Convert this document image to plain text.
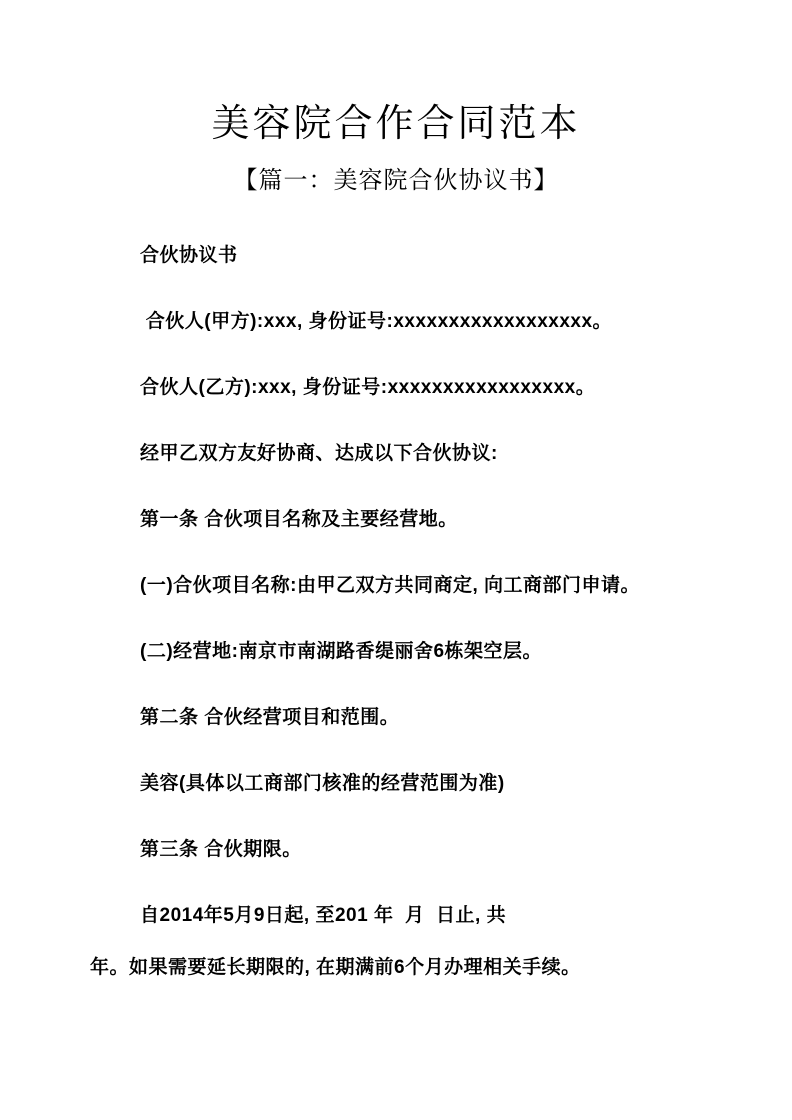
美容院合作合同范本
【篇一：美容院合伙协议书】

合伙协议书

合伙人(甲方):xxx, 身份证号:xxxxxxxxxxxxxxxxxx。

合伙人(乙方):xxx, 身份证号:xxxxxxxxxxxxxxxxx。

经甲乙双方友好协商、达成以下合伙协议:

第一条 合伙项目名称及主要经营地。

(一)合伙项目名称:由甲乙双方共同商定, 向工商部门申请。

(二)经营地:南京市南湖路香缇丽舍6栋架空层。

第二条 合伙经营项目和范围。

美容(具体以工商部门核准的经营范围为准)

第三条 合伙期限。

自2014年5月9日起, 至201 年  月  日止, 共

年。如果需要延长期限的, 在期满前6个月办理相关手续。
